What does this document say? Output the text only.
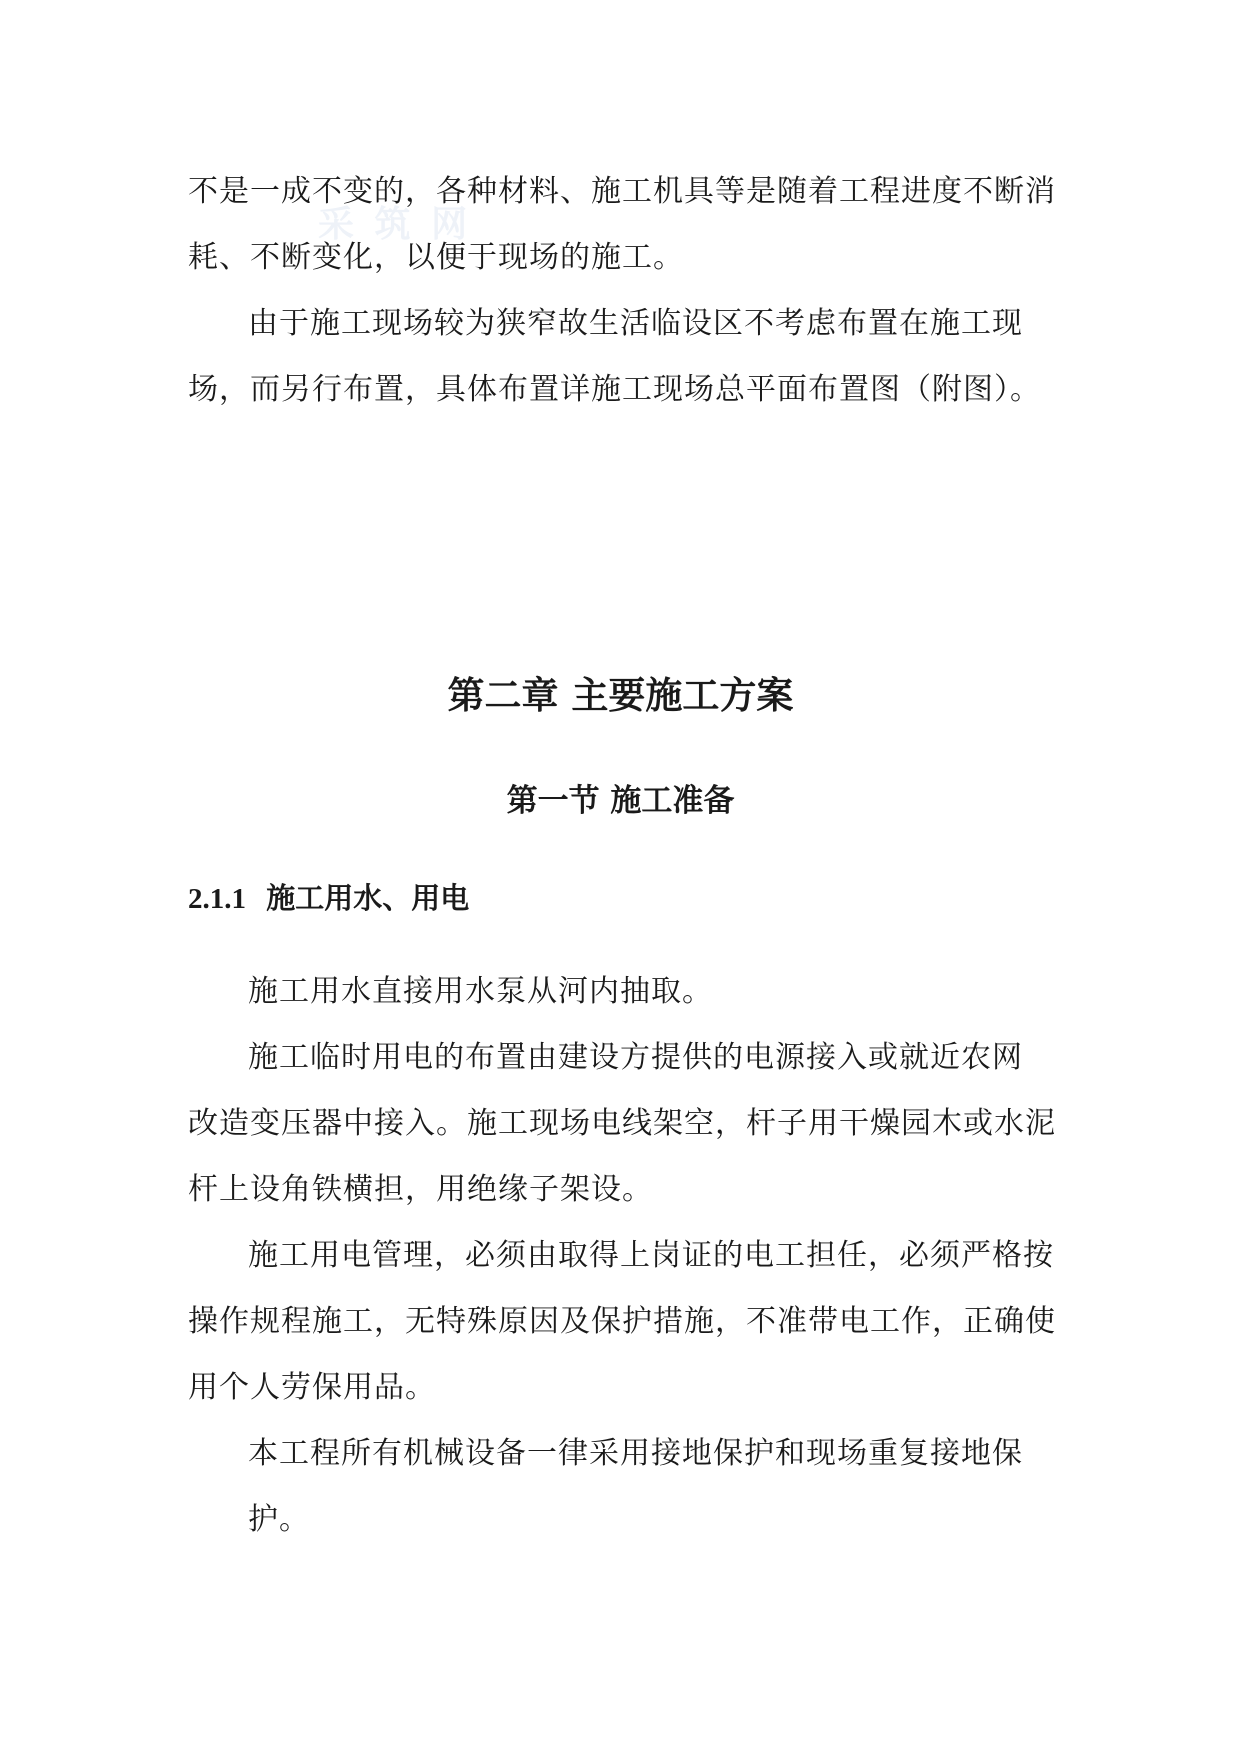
采 筑 网
不是一成不变的，各种材料、施工机具等是随着工程进度不断消
耗、不断变化，以便于现场的施工。
由于施工现场较为狭窄故生活临设区不考虑布置在施工现
场，而另行布置，具体布置详施工现场总平面布置图（附图）。
第二章 主要施工方案
第一节 施工准备
2.1.1 施工用水、用电
施工用水直接用水泵从河内抽取。
施工临时用电的布置由建设方提供的电源接入或就近农网
改造变压器中接入。施工现场电线架空，杆子用干燥园木或水泥
杆上设角铁横担，用绝缘子架设。
施工用电管理，必须由取得上岗证的电工担任，必须严格按
操作规程施工，无特殊原因及保护措施，不准带电工作，正确使
用个人劳保用品。
本工程所有机械设备一律采用接地保护和现场重复接地保
护。
